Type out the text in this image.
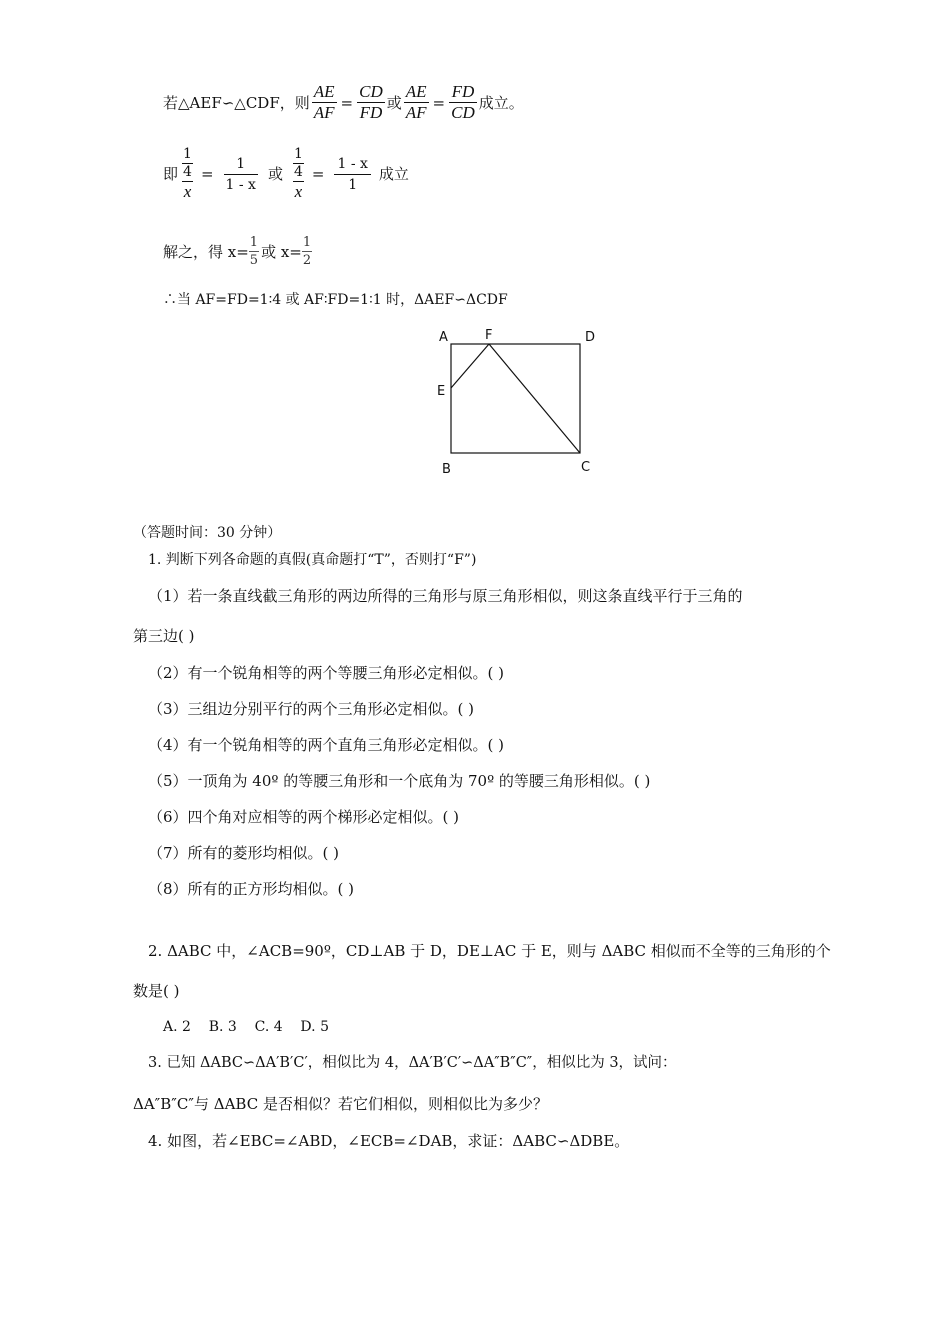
若△AEF∽△CDF，则 $\frac{AE}{AF} = \frac{CD}{FD}$ 或 $\frac{AE}{AF} = \frac{FD}{CD}$ 成立。
即 $\frac{\frac{1}{4}}{x} = \frac{1}{1 - x}$ 或 $\frac{\frac{1}{4}}{x} = \frac{1 - x}{1}$ 成立
解之，得 $x= \frac{1}{5}$ 或 $x= \frac{1}{2}$
∴当 AF=FD=1∶4 或 AF∶FD=1∶1 时，ΔAEF∽ΔCDF
A	F	D
E
B	C
（答题时间：30 分钟）
1. 判断下列各命题的真假(真命题打“T”，否则打“F”)
（1）若一条直线截三角形的两边所得的三角形与原三角形相似，则这条直线平行于三角的
第三边( )
（2）有一个锐角相等的两个等腰三角形必定相似。( )
（3）三组边分别平行的两个三角形必定相似。( )
（4）有一个锐角相等的两个直角三角形必定相似。( )
（5）一顶角为 40º 的等腰三角形和一个底角为 70º 的等腰三角形相似。( )
（6）四个角对应相等的两个梯形必定相似。( )
（7）所有的菱形均相似。( )
（8）所有的正方形均相似。( )
2. ΔABC 中，∠ACB=90º，CD⊥AB 于 D，DE⊥AC 于 E，则与 ΔABC 相似而不全等的三角形的个
数是( )
A. 2    B. 3    C. 4    D. 5
3. 已知 ΔABC∽ΔA′B′C′，相似比为 4，ΔA′B′C′∽ΔA″B″C″，相似比为 3，试问：
ΔA″B″C″与 ΔABC 是否相似？若它们相似，则相似比为多少？
4. 如图，若∠EBC=∠ABD，∠ECB=∠DAB，求证：ΔABC∽ΔDBE。
